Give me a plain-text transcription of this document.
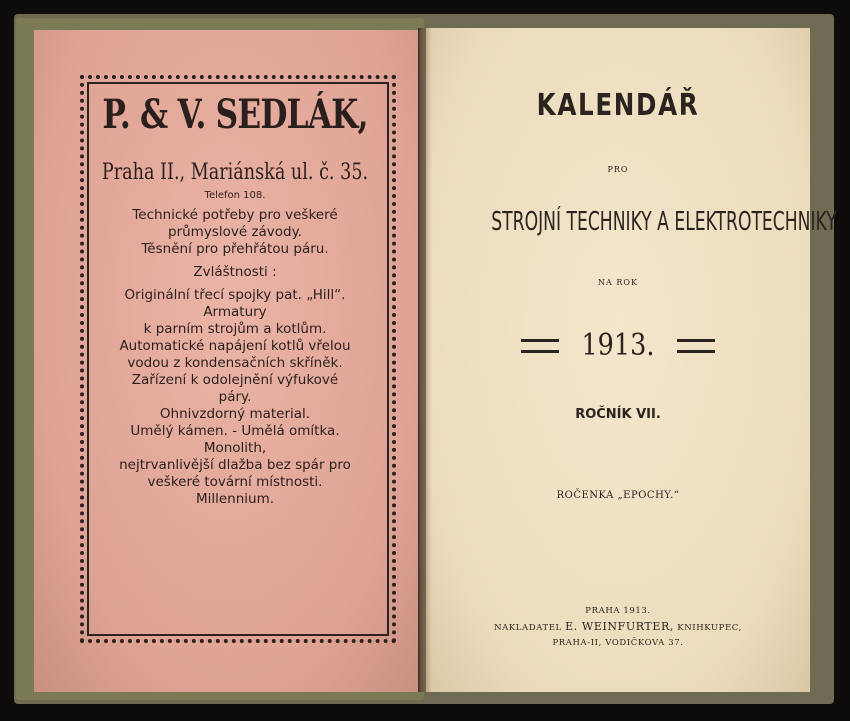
P. & V. SEDLÁK,
Praha II., Mariánská ul. č. 35.
Telefon 108.
Technické potřeby pro veškeré
průmyslové závody.
Těsnění pro přehřátou páru.
Zvláštnosti :
Originální třecí spojky pat. „Hill“.
Armatury
k parním strojům a kotlům.
Automatické napájení kotlů vřelou
vodou z kondensačních skříněk.
Zařízení k odolejnění výfukové
páry.
Ohnivzdorný material.
Umělý kámen. - Umělá omítka.
Monolith,
nejtrvanlivější dlažba bez spár pro
veškeré tovární místnosti.
Millennium.
KALENDÁŘ
PRO
STROJNÍ TECHNIKY A ELEKTROTECHNIKY
NA ROK
1913.
ROČNÍK VII.
ROČENKA „EPOCHY.“
PRAHA 1913.
NAKLADATEL E. WEINFURTER, KNIHKUPEC,
PRAHA-II, VODIČKOVA 37.
